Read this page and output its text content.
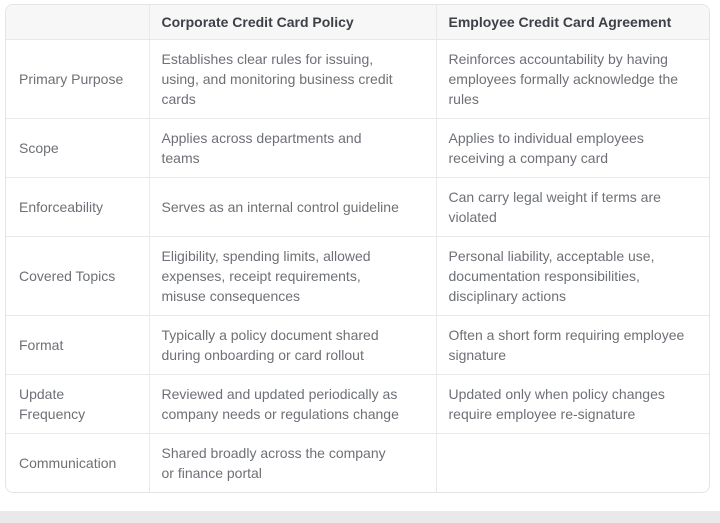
	Corporate Credit Card Policy	Employee Credit Card Agreement

Primary Purpose	Establishes clear rules for issuing, using, and monitoring business credit cards	Reinforces accountability by having employees formally acknowledge the rules

Scope	Applies across departments and teams	Applies to individual employees receiving a company card

Enforceability	Serves as an internal control guideline	Can carry legal weight if terms are violated

Covered Topics	Eligibility, spending limits, allowed expenses, receipt requirements, misuse consequences	Personal liability, acceptable use, documentation responsibilities, disciplinary actions

Format	Typically a policy document shared during onboarding or card rollout	Often a short form requiring employee signature

Update Frequency	Reviewed and updated periodically as company needs or regulations change	Updated only when policy changes require employee re-signature

Communication	Shared broadly across the company or finance portal	
